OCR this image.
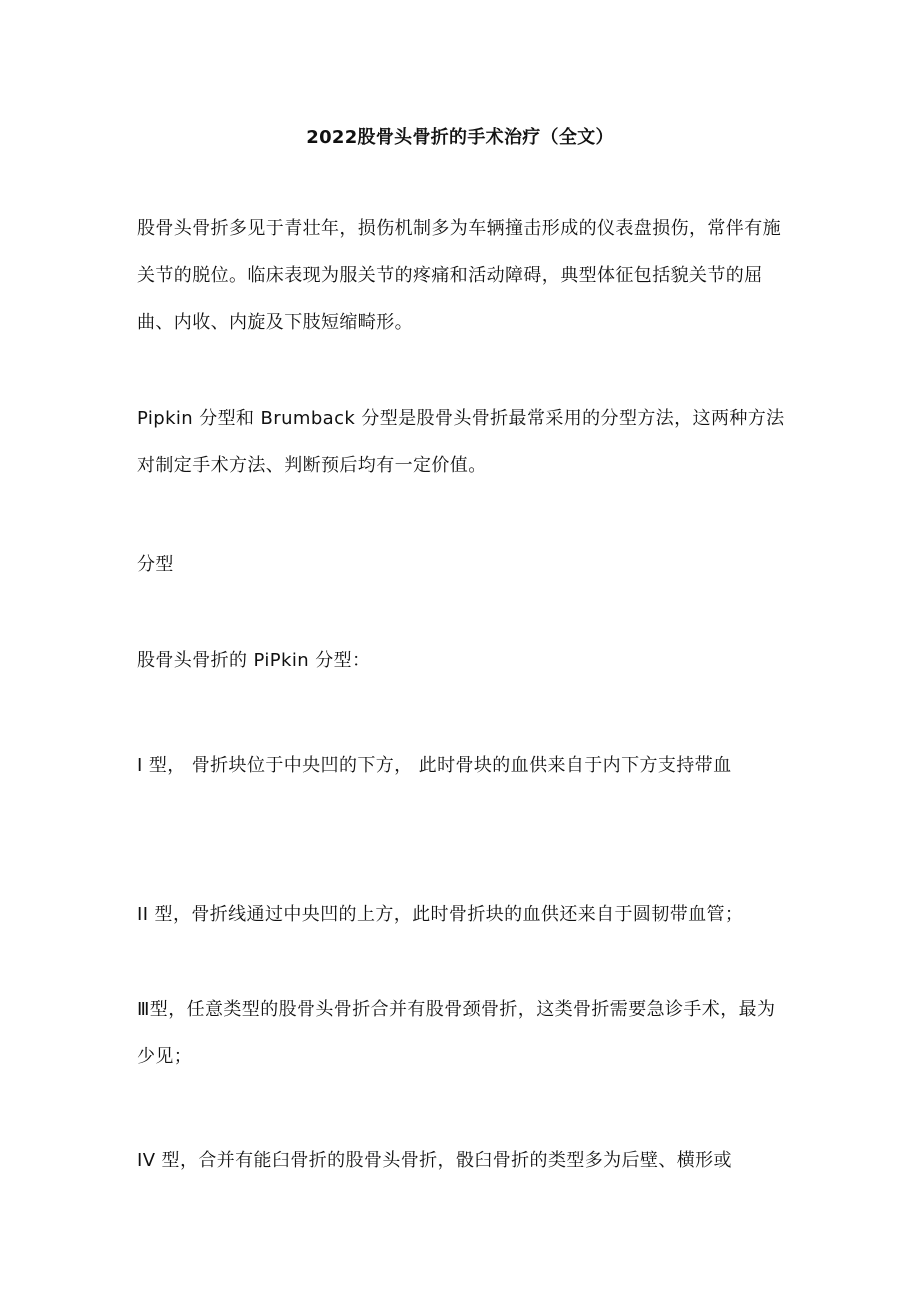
2022股骨头骨折的手术治疗（全文）

股骨头骨折多见于青壮年，损伤机制多为车辆撞击形成的仪表盘损伤，常伴有施关节的脱位。临床表现为服关节的疼痛和活动障碍，典型体征包括貌关节的屈曲、内收、内旋及下肢短缩畸形。

Pipkin 分型和 Brumback 分型是股骨头骨折最常采用的分型方法，这两种方法对制定手术方法、判断预后均有一定价值。

分型

股骨头骨折的 PiPkin 分型：

I 型， 骨折块位于中央凹的下方， 此时骨块的血供来自于内下方支持带血

II 型，骨折线通过中央凹的上方，此时骨折块的血供还来自于圆韧带血管；

Ⅲ型，任意类型的股骨头骨折合并有股骨颈骨折，这类骨折需要急诊手术，最为少见；

IV 型，合并有能臼骨折的股骨头骨折，骰臼骨折的类型多为后壁、横形或
